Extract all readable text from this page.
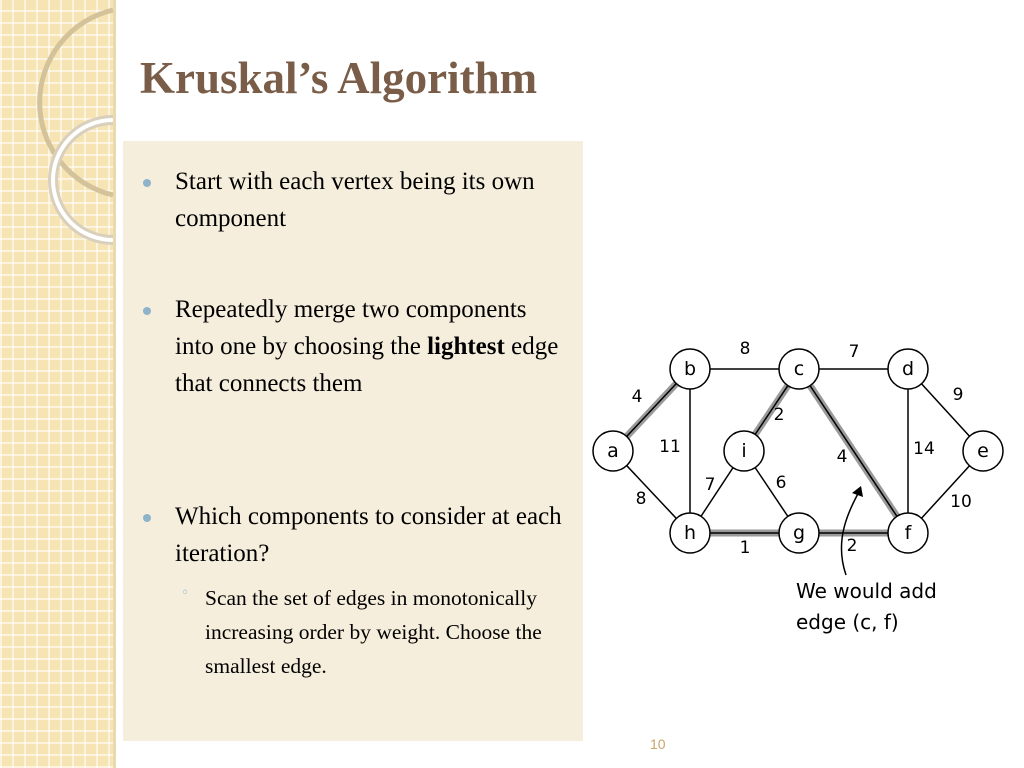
Kruskal’s Algorithm
Start with each vertex being its own component
Repeatedly merge two components into one by choosing the lightest edge that connects them
Which components to consider at each iteration?
◦ Scan the set of edges in monotonically increasing order by weight. Choose the smallest edge.
4
8
8
11
7
2
4
9
14
10
7	6
1	2
a
b	c	d
e
f
g
h
i
We would add
edge (c, f)
10
